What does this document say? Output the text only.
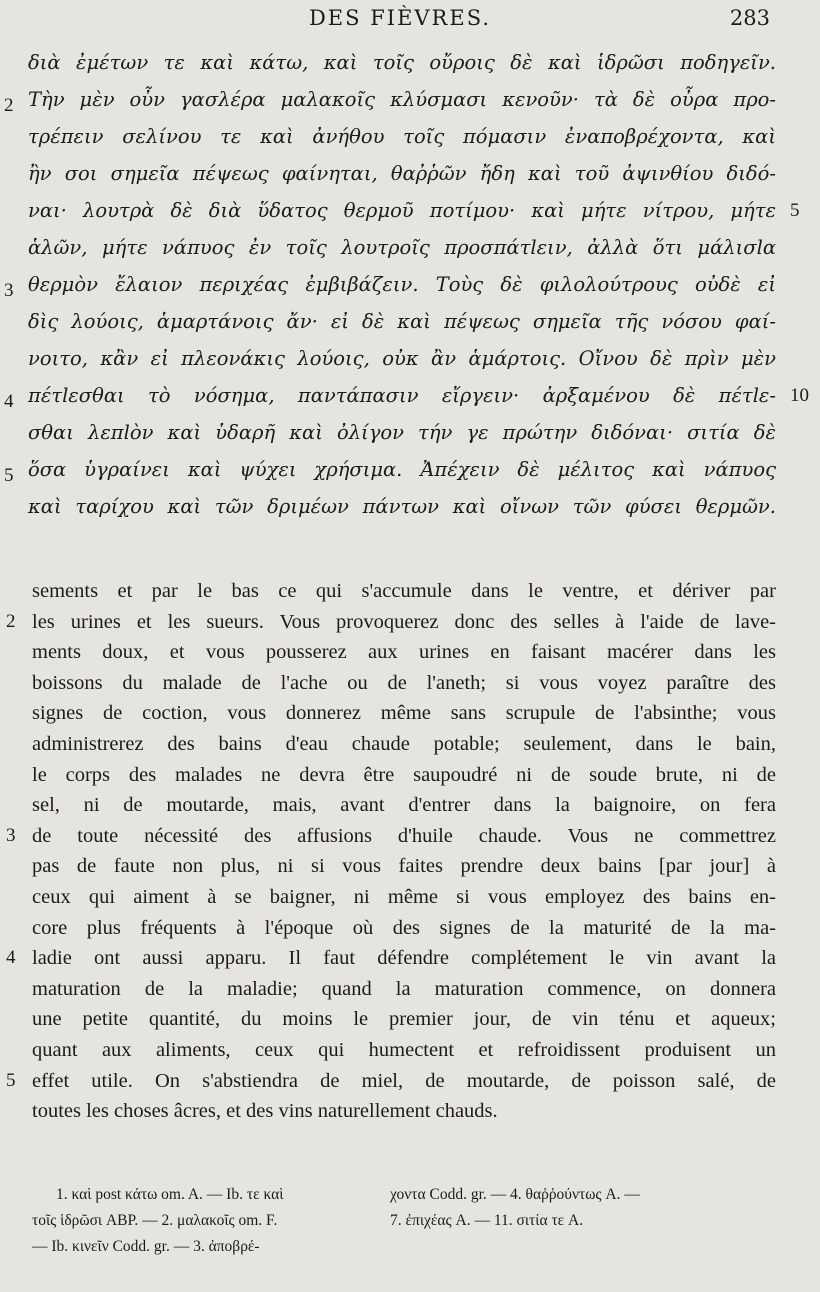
DES FIÈVRES.	283
διὰ ἐμέτων τε καὶ κάτω, καὶ τοῖς οὔροις δὲ καὶ ἱδρῶσι ποδηγεῖν.
2 Τὴν μὲν οὖν γασλέρα μαλακοῖς κλύσμασι κενοῦν· τὰ δὲ οὖρα προ-
τρέπειν σελίνου τε καὶ ἀνήθου τοῖς πόμασιν ἐναποβρέχοντα, καὶ
ἢν σοι σημεῖα πέψεως φαίνηται, θαῤῥῶν ἤδη καὶ τοῦ ἀψινθίου διδό-
ναι· λουτρὰ δὲ διὰ ὕδατος θερμοῦ ποτίμου· καὶ μήτε νίτρου, μήτε 5
ἁλῶν, μήτε νάπυος ἐν τοῖς λουτροῖς προσπάτlειν, ἀλλὰ ὅτι μάλισlα
3 θερμὸν ἔλαιον περιχέας ἐμβιβάζειν. Τοὺς δὲ φιλολούτρους οὐδὲ εἰ
δὶς λούοις, ἁμαρτάνοις ἄν· εἰ δὲ καὶ πέψεως σημεῖα τῆς νόσου φαί-
νοιτο, κἂν εἰ πλεονάκις λούοις, οὐκ ἂν ἁμάρτοις. Οἴνου δὲ πρὶν μὲν
4 πέτlεσθαι τὸ νόσημα, παντάπασιν εἴργειν· ἀρξαμένου δὲ πέτlε- 10
σθαι λεπlὸν καὶ ὑδαρῆ καὶ ὀλίγον τήν γε πρώτην διδόναι· σιτία δὲ
5 ὅσα ὑγραίνει καὶ ψύχει χρήσιμα. Ἀπέχειν δὲ μέλιτος καὶ νάπυος
καὶ ταρίχου καὶ τῶν δριμέων πάντων καὶ οἴνων τῶν φύσει θερμῶν.
sements et par le bas ce qui s'accumule dans le ventre, et dériver par
2 les urines et les sueurs. Vous provoquerez donc des selles à l'aide de lave-
ments doux, et vous pousserez aux urines en faisant macérer dans les
boissons du malade de l'ache ou de l'aneth; si vous voyez paraître des
signes de coction, vous donnerez même sans scrupule de l'absinthe; vous
administrerez des bains d'eau chaude potable; seulement, dans le bain,
le corps des malades ne devra être saupoudré ni de soude brute, ni de
sel, ni de moutarde, mais, avant d'entrer dans la baignoire, on fera
3 de toute nécessité des affusions d'huile chaude. Vous ne commettrez
pas de faute non plus, ni si vous faites prendre deux bains [par jour] à
ceux qui aiment à se baigner, ni même si vous employez des bains en-
core plus fréquents à l'époque où des signes de la maturité de la ma-
4 ladie ont aussi apparu. Il faut défendre complétement le vin avant la
maturation de la maladie; quand la maturation commence, on donnera
une petite quantité, du moins le premier jour, de vin ténu et aqueux;
quant aux aliments, ceux qui humectent et refroidissent produisent un
5 effet utile. On s'abstiendra de miel, de moutarde, de poisson salé, de
toutes les choses âcres, et des vins naturellement chauds.
1. καὶ post κάτω om. A. — Ib. τε καὶ
τοῖς ἱδρῶσι ABP. — 2. μαλακοῖς om. F.
— Ib. κινεῖν Codd. gr. — 3. ἀποβρέ-
χοντα Codd. gr. — 4. θαῤῥούντως A. —
7. ἐπιχέας A. — 11. σιτία τε A.
